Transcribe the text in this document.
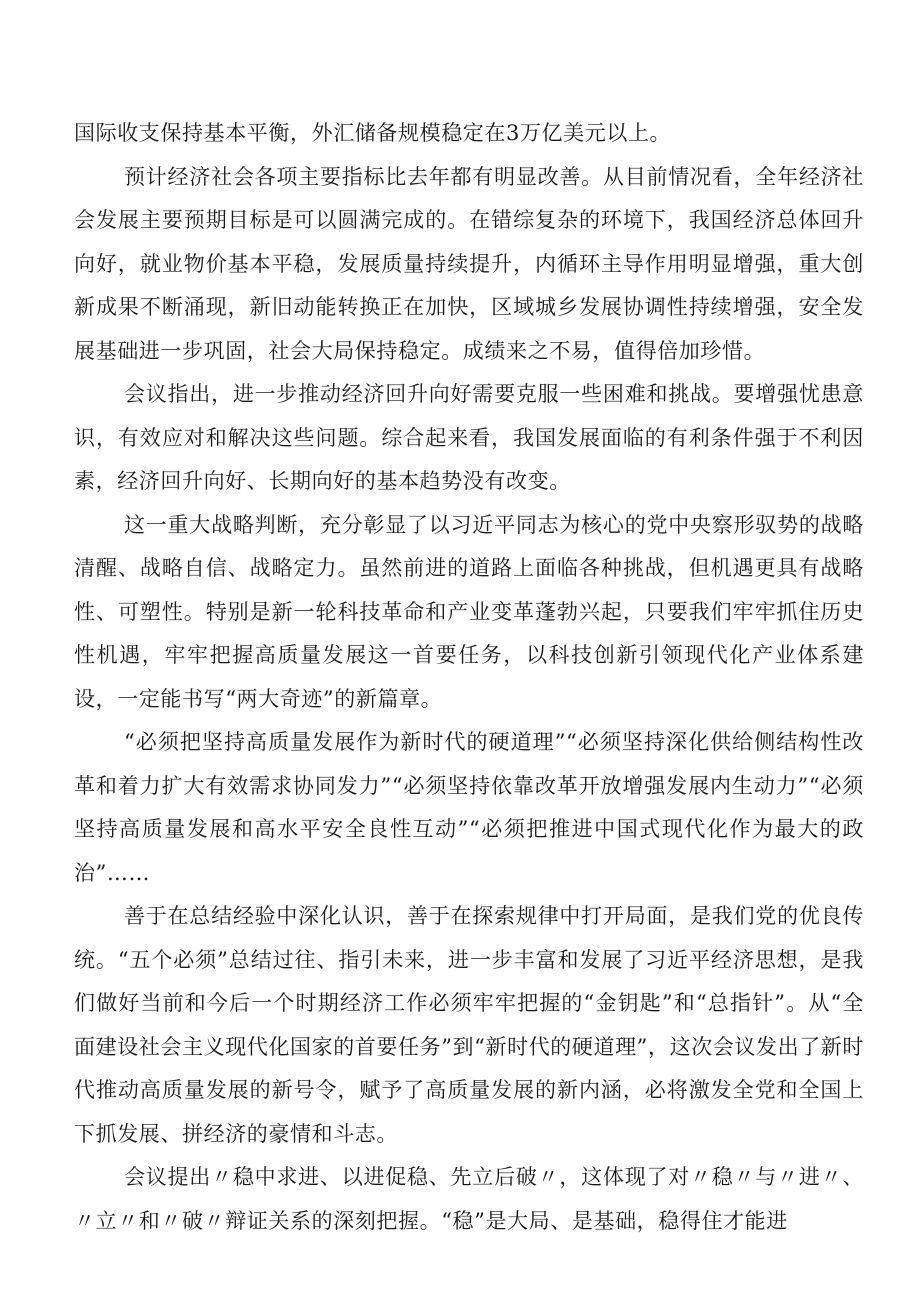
国际收支保持基本平衡，外汇储备规模稳定在3万亿美元以上。

预计经济社会各项主要指标比去年都有明显改善。从目前情况看，全年经济社会发展主要预期目标是可以圆满完成的。在错综复杂的环境下，我国经济总体回升向好，就业物价基本平稳，发展质量持续提升，内循环主导作用明显增强，重大创新成果不断涌现，新旧动能转换正在加快，区域城乡发展协调性持续增强，安全发展基础进一步巩固，社会大局保持稳定。成绩来之不易，值得倍加珍惜。

会议指出，进一步推动经济回升向好需要克服一些困难和挑战。要增强忧患意识，有效应对和解决这些问题。综合起来看，我国发展面临的有利条件强于不利因素，经济回升向好、长期向好的基本趋势没有改变。

这一重大战略判断，充分彰显了以习近平同志为核心的党中央察形驭势的战略清醒、战略自信、战略定力。虽然前进的道路上面临各种挑战，但机遇更具有战略性、可塑性。特别是新一轮科技革命和产业变革蓬勃兴起，只要我们牢牢抓住历史性机遇，牢牢把握高质量发展这一首要任务，以科技创新引领现代化产业体系建设，一定能书写“两大奇迹”的新篇章。

“必须把坚持高质量发展作为新时代的硬道理”“必须坚持深化供给侧结构性改革和着力扩大有效需求协同发力”“必须坚持依靠改革开放增强发展内生动力”“必须坚持高质量发展和高水平安全良性互动”“必须把推进中国式现代化作为最大的政治”……

善于在总结经验中深化认识，善于在探索规律中打开局面，是我们党的优良传统。“五个必须”总结过往、指引未来，进一步丰富和发展了习近平经济思想，是我们做好当前和今后一个时期经济工作必须牢牢把握的“金钥匙”和“总指针”。从“全面建设社会主义现代化国家的首要任务”到“新时代的硬道理”，这次会议发出了新时代推动高质量发展的新号令，赋予了高质量发展的新内涵，必将激发全党和全国上下抓发展、拼经济的豪情和斗志。

会议提出〃稳中求进、以进促稳、先立后破〃，这体现了对〃稳〃与〃进〃、〃立〃和〃破〃辩证关系的深刻把握。“稳”是大局、是基础，稳得住才能进
